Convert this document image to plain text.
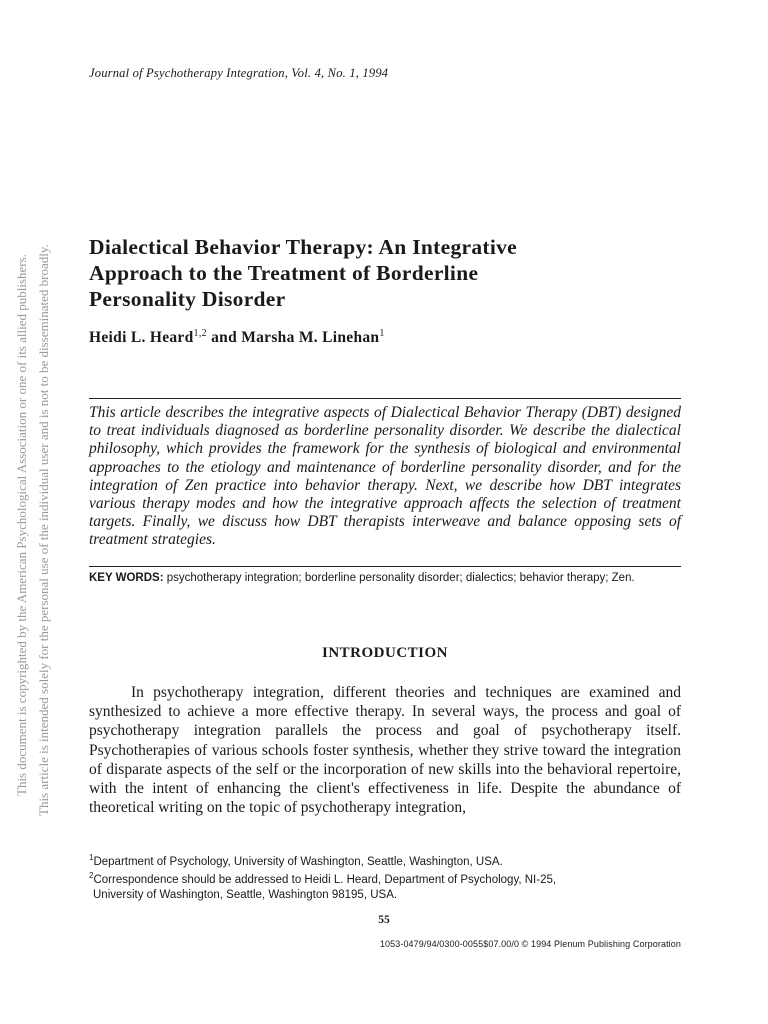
Journal of Psychotherapy Integration, Vol. 4, No. 1, 1994
This document is copyrighted by the American Psychological Association or one of its allied publishers. This article is intended solely for the personal use of the individual user and is not to be disseminated broadly. Dialectical Behavior Therapy: An Integrative
Approach to the Treatment of Borderline
Personality Disorder
Heidi L. Heard$^{1,2}$ and Marsha M. Linehan$^1$
This article describes the integrative aspects of Dialectical Behavior Therapy (DBT) designed to treat individuals diagnosed as borderline personality disorder. We describe the dialectical philosophy, which provides the framework for the synthesis of biological and environmental approaches to the etiology and maintenance of borderline personality disorder, and for the integration of Zen practice into behavior therapy. Next, we describe how DBT integrates various therapy modes and how the integrative approach affects the selection of treatment targets. Finally, we discuss how DBT therapists interweave and balance opposing sets of treatment strategies.
KEY WORDS: psychotherapy integration; borderline personality disorder; dialectics; behavior therapy; Zen.
INTRODUCTION
In psychotherapy integration, different theories and techniques are examined and synthesized to achieve a more effective therapy. In several ways, the process and goal of psychotherapy integration parallels the process and goal of psychotherapy itself. Psychotherapies of various schools foster synthesis, whether they strive toward the integration of disparate aspects of the self or the incorporation of new skills into the behavioral repertoire, with the intent of enhancing the client's effectiveness in life. Despite the abundance of theoretical writing on the topic of psychotherapy integration,
$^1$Department of Psychology, University of Washington, Seattle, Washington, USA.
$^2$Correspondence should be addressed to Heidi L. Heard, Department of Psychology, NI-25,
University of Washington, Seattle, Washington 98195, USA.
55
1053-0479/94/0300-0055$07.00/0 © 1994 Plenum Publishing Corporation
